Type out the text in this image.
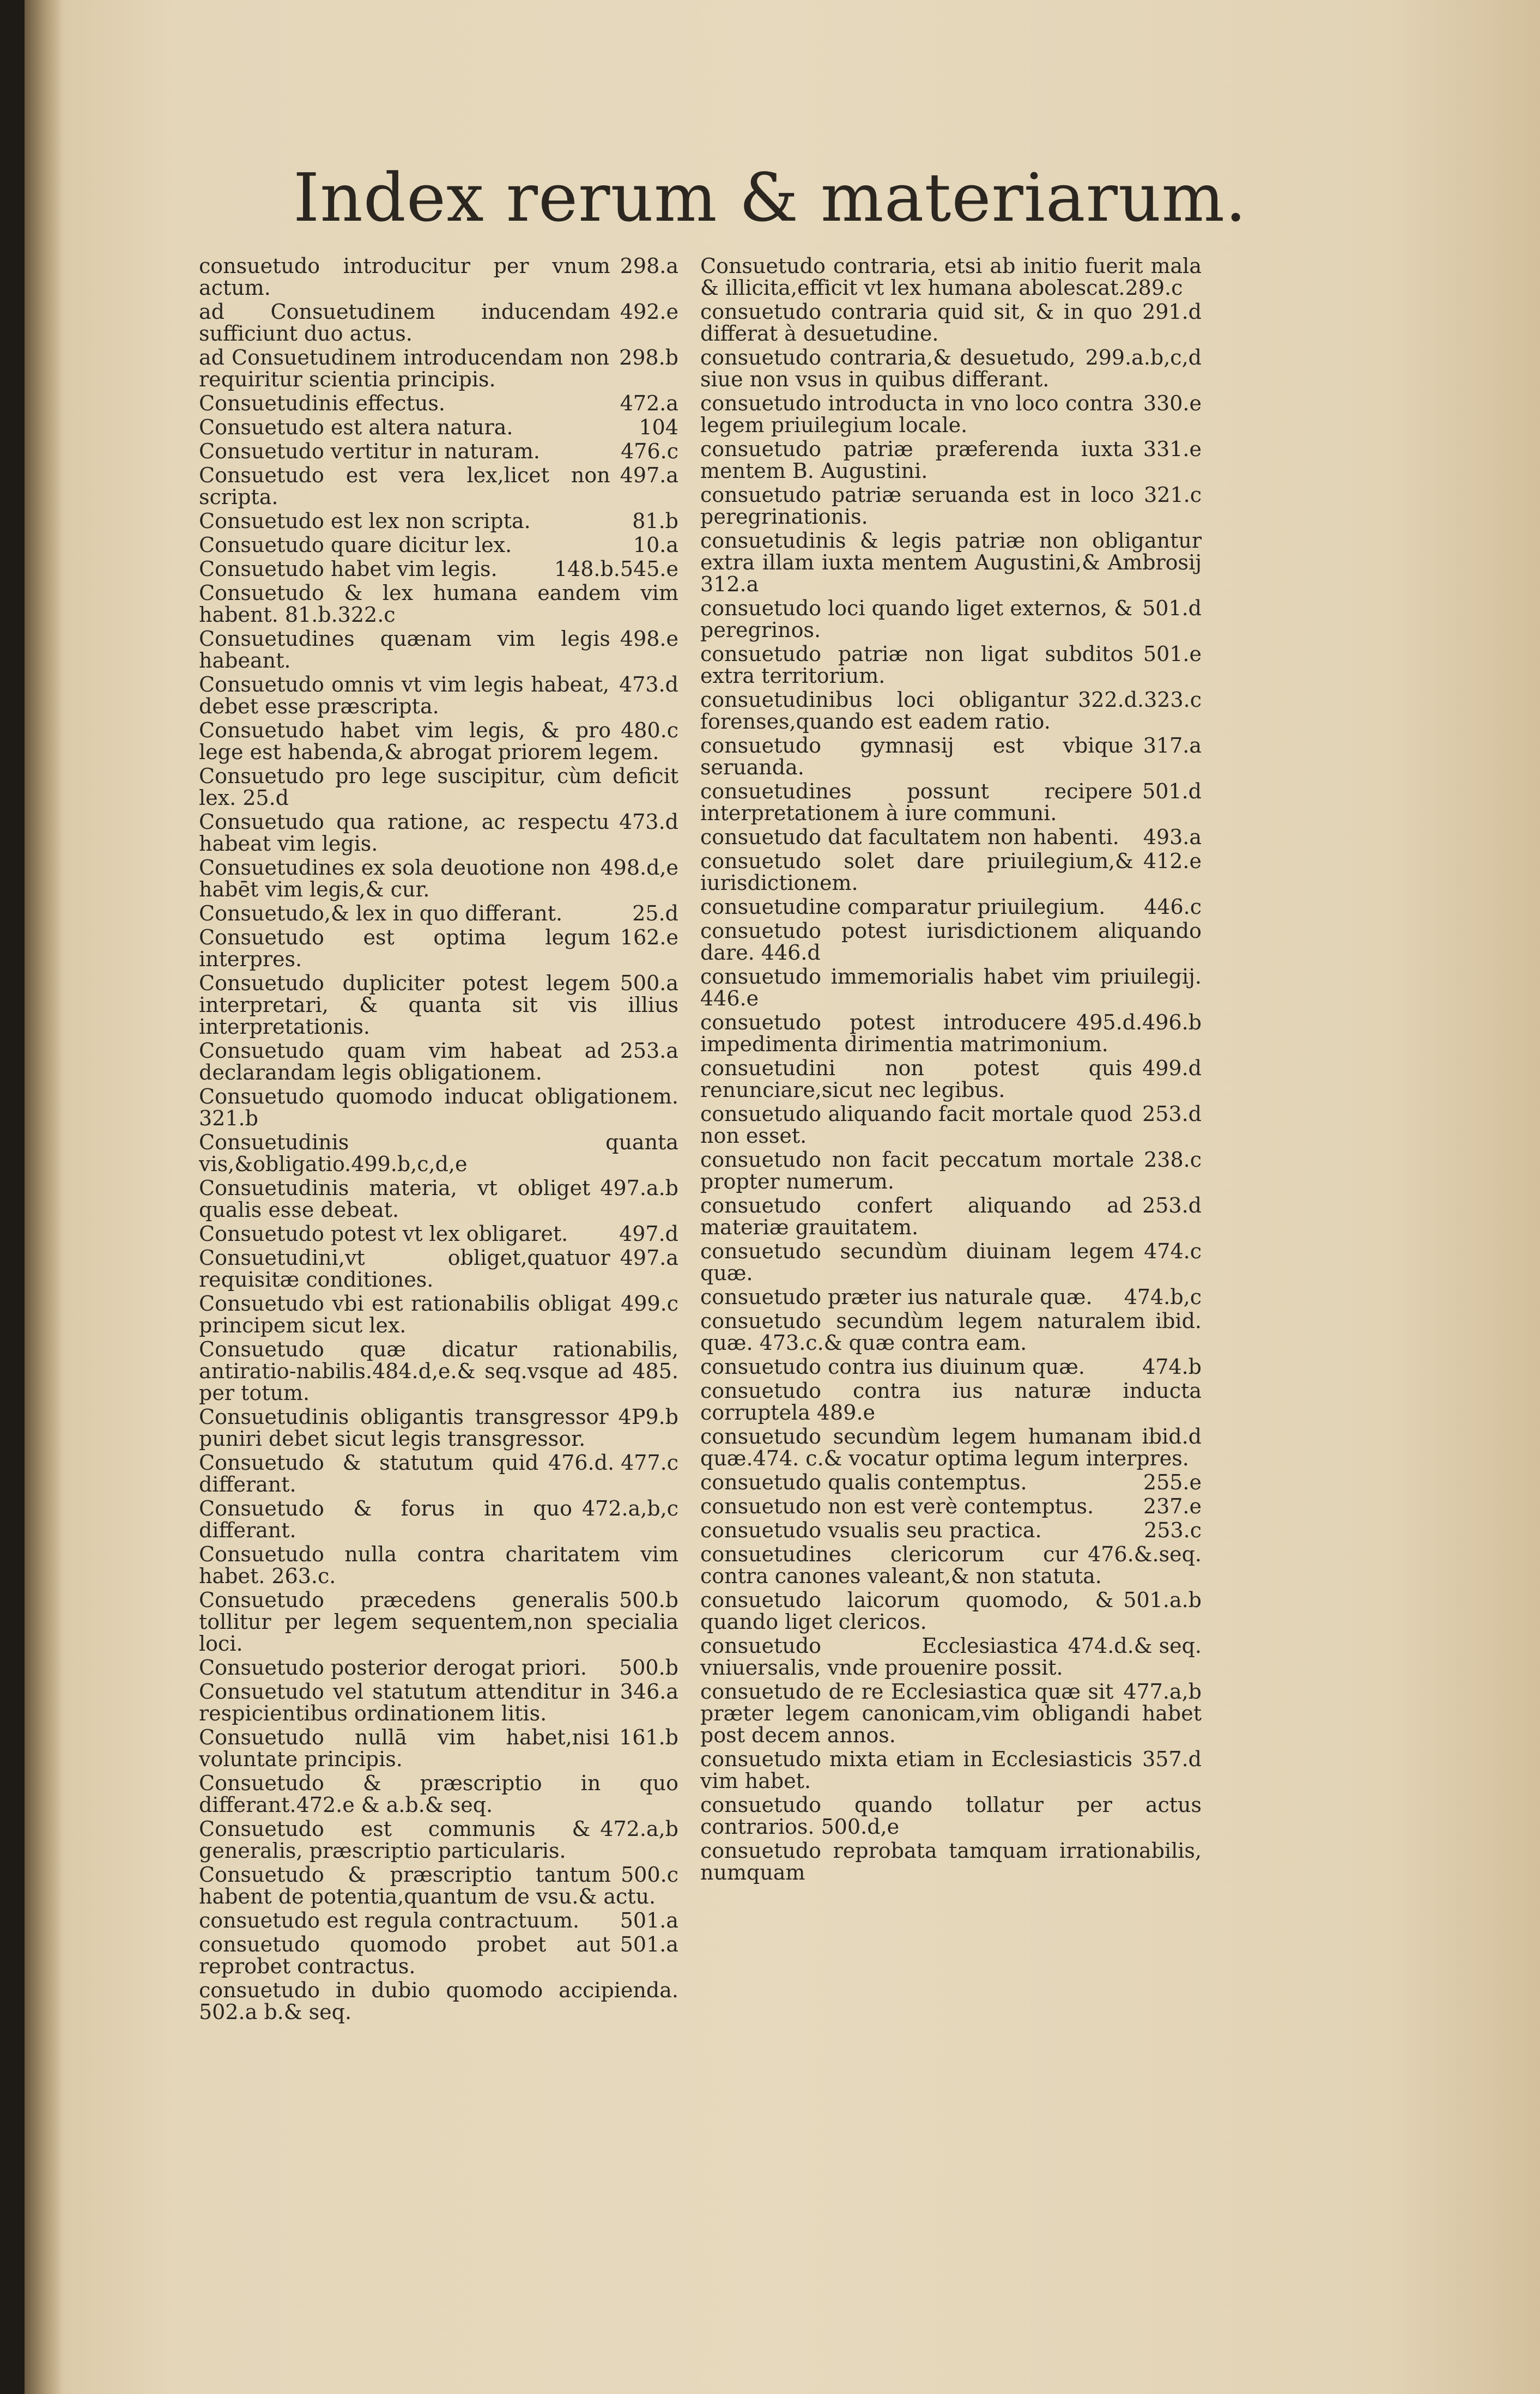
Index rerum & materiarum.
298.a
consuetudo introducitur per vnum actum.
492.e
ad Consuetudinem inducendam sufficiunt duo actus.
298.b
ad Consuetudinem introducendam non requiritur scientia principis.
472.a
Consuetudinis effectus.
104
Consuetudo est altera natura.
476.c
Consuetudo vertitur in naturam.
497.a
Consuetudo est vera lex,licet non scripta.
81.b
Consuetudo est lex non scripta.
10.a
Consuetudo quare dicitur lex.
148.b.545.e
Consuetudo habet vim legis.
Consuetudo & lex humana eandem vim habent. 81.b.322.c
498.e
Consuetudines quænam vim legis habeant.
473.d
Consuetudo omnis vt vim legis habeat, debet esse præscripta.
480.c
Consuetudo habet vim legis, & pro lege est habenda,& abrogat priorem legem.
Consuetudo pro lege suscipitur, cùm deficit lex. 25.d
473.d
Consuetudo qua ratione, ac respectu habeat vim legis.
498.d,e
Consuetudines ex sola deuotione non habēt vim legis,& cur.
25.d
Consuetudo,& lex in quo differant.
162.e
Consuetudo est optima legum interpres.
500.a
Consuetudo dupliciter potest legem interpretari, & quanta sit vis illius interpretationis.
253.a
Consuetudo quam vim habeat ad declarandam legis obligationem.
Consuetudo quomodo inducat obligationem. 321.b
Consuetudinis quanta vis,&obligatio.499.b,c,d,e
497.a.b
Consuetudinis materia, vt obliget qualis esse debeat.
497.d
Consuetudo potest vt lex obligaret.
497.a
Consuetudini,vt obliget,quatuor requisitæ conditiones.
499.c
Consuetudo vbi est rationabilis obligat principem sicut lex.
Consuetudo quæ dicatur rationabilis, antiratio-nabilis.484.d,e.& seq.vsque ad 485. per totum.
4P9.b
Consuetudinis obligantis transgressor puniri debet sicut legis transgressor.
476.d. 477.c
Consuetudo & statutum quid differant.
472.a,b,c
Consuetudo & forus in quo differant.
Consuetudo nulla contra charitatem vim habet. 263.c.
500.b
Consuetudo præcedens generalis tollitur per legem sequentem,non specialia loci.
500.b
Consuetudo posterior derogat priori.
346.a
Consuetudo vel statutum attenditur in respicientibus ordinationem litis.
161.b
Consuetudo nullā vim habet,nisi voluntate principis.
Consuetudo & præscriptio in quo differant.472.e & a.b.& seq.
472.a,b
Consuetudo est communis & generalis, præscriptio particularis.
500.c
Consuetudo & præscriptio tantum habent de potentia,quantum de vsu.& actu.
501.a
consuetudo est regula contractuum.
501.a
consuetudo quomodo probet aut reprobet contractus.
consuetudo in dubio quomodo accipienda. 502.a b.& seq.
Consuetudo contraria, etsi ab initio fuerit mala & illicita,efficit vt lex humana abolescat.289.c
291.d
consuetudo contraria quid sit, & in quo differat à desuetudine.
299.a.b,c,d
consuetudo contraria,& desuetudo, siue non vsus in quibus differant.
330.e
consuetudo introducta in vno loco contra legem priuilegium locale.
331.e
consuetudo patriæ præferenda iuxta mentem B. Augustini.
321.c
consuetudo patriæ seruanda est in loco peregrinationis.
consuetudinis & legis patriæ non obligantur extra illam iuxta mentem Augustini,& Ambrosij 312.a
501.d
consuetudo loci quando liget externos, & peregrinos.
501.e
consuetudo patriæ non ligat subditos extra territorium.
322.d.323.c
consuetudinibus loci obligantur forenses,quando est eadem ratio.
317.a
consuetudo gymnasij est vbique seruanda.
501.d
consuetudines possunt recipere interpretationem à iure communi.
493.a
consuetudo dat facultatem non habenti.
412.e
consuetudo solet dare priuilegium,& iurisdictionem.
446.c
consuetudine comparatur priuilegium.
consuetudo potest iurisdictionem aliquando dare. 446.d
consuetudo immemorialis habet vim priuilegij. 446.e
495.d.496.b
consuetudo potest introducere impedimenta dirimentia matrimonium.
499.d
consuetudini non potest quis renunciare,sicut nec legibus.
253.d
consuetudo aliquando facit mortale quod non esset.
238.c
consuetudo non facit peccatum mortale propter numerum.
253.d
consuetudo confert aliquando ad materiæ grauitatem.
474.c
consuetudo secundùm diuinam legem quæ.
474.b,c
consuetudo præter ius naturale quæ.
ibid.
consuetudo secundùm legem naturalem quæ. 473.c.& quæ contra eam.
474.b
consuetudo contra ius diuinum quæ.
consuetudo contra ius naturæ inducta corruptela 489.e
ibid.d
consuetudo secundùm legem humanam quæ.474. c.& vocatur optima legum interpres.
255.e
consuetudo qualis contemptus.
237.e
consuetudo non est verè contemptus.
253.c
consuetudo vsualis seu practica.
476.&.seq.
consuetudines clericorum cur contra canones valeant,& non statuta.
501.a.b
consuetudo laicorum quomodo, & quando liget clericos.
474.d.& seq.
consuetudo Ecclesiastica vniuersalis, vnde prouenire possit.
477.a,b
consuetudo de re Ecclesiastica quæ sit præter legem canonicam,vim obligandi habet post decem annos.
357.d
consuetudo mixta etiam in Ecclesiasticis vim habet.
consuetudo quando tollatur per actus contrarios. 500.d,e
consuetudo reprobata tamquam irrationabilis, numquam
